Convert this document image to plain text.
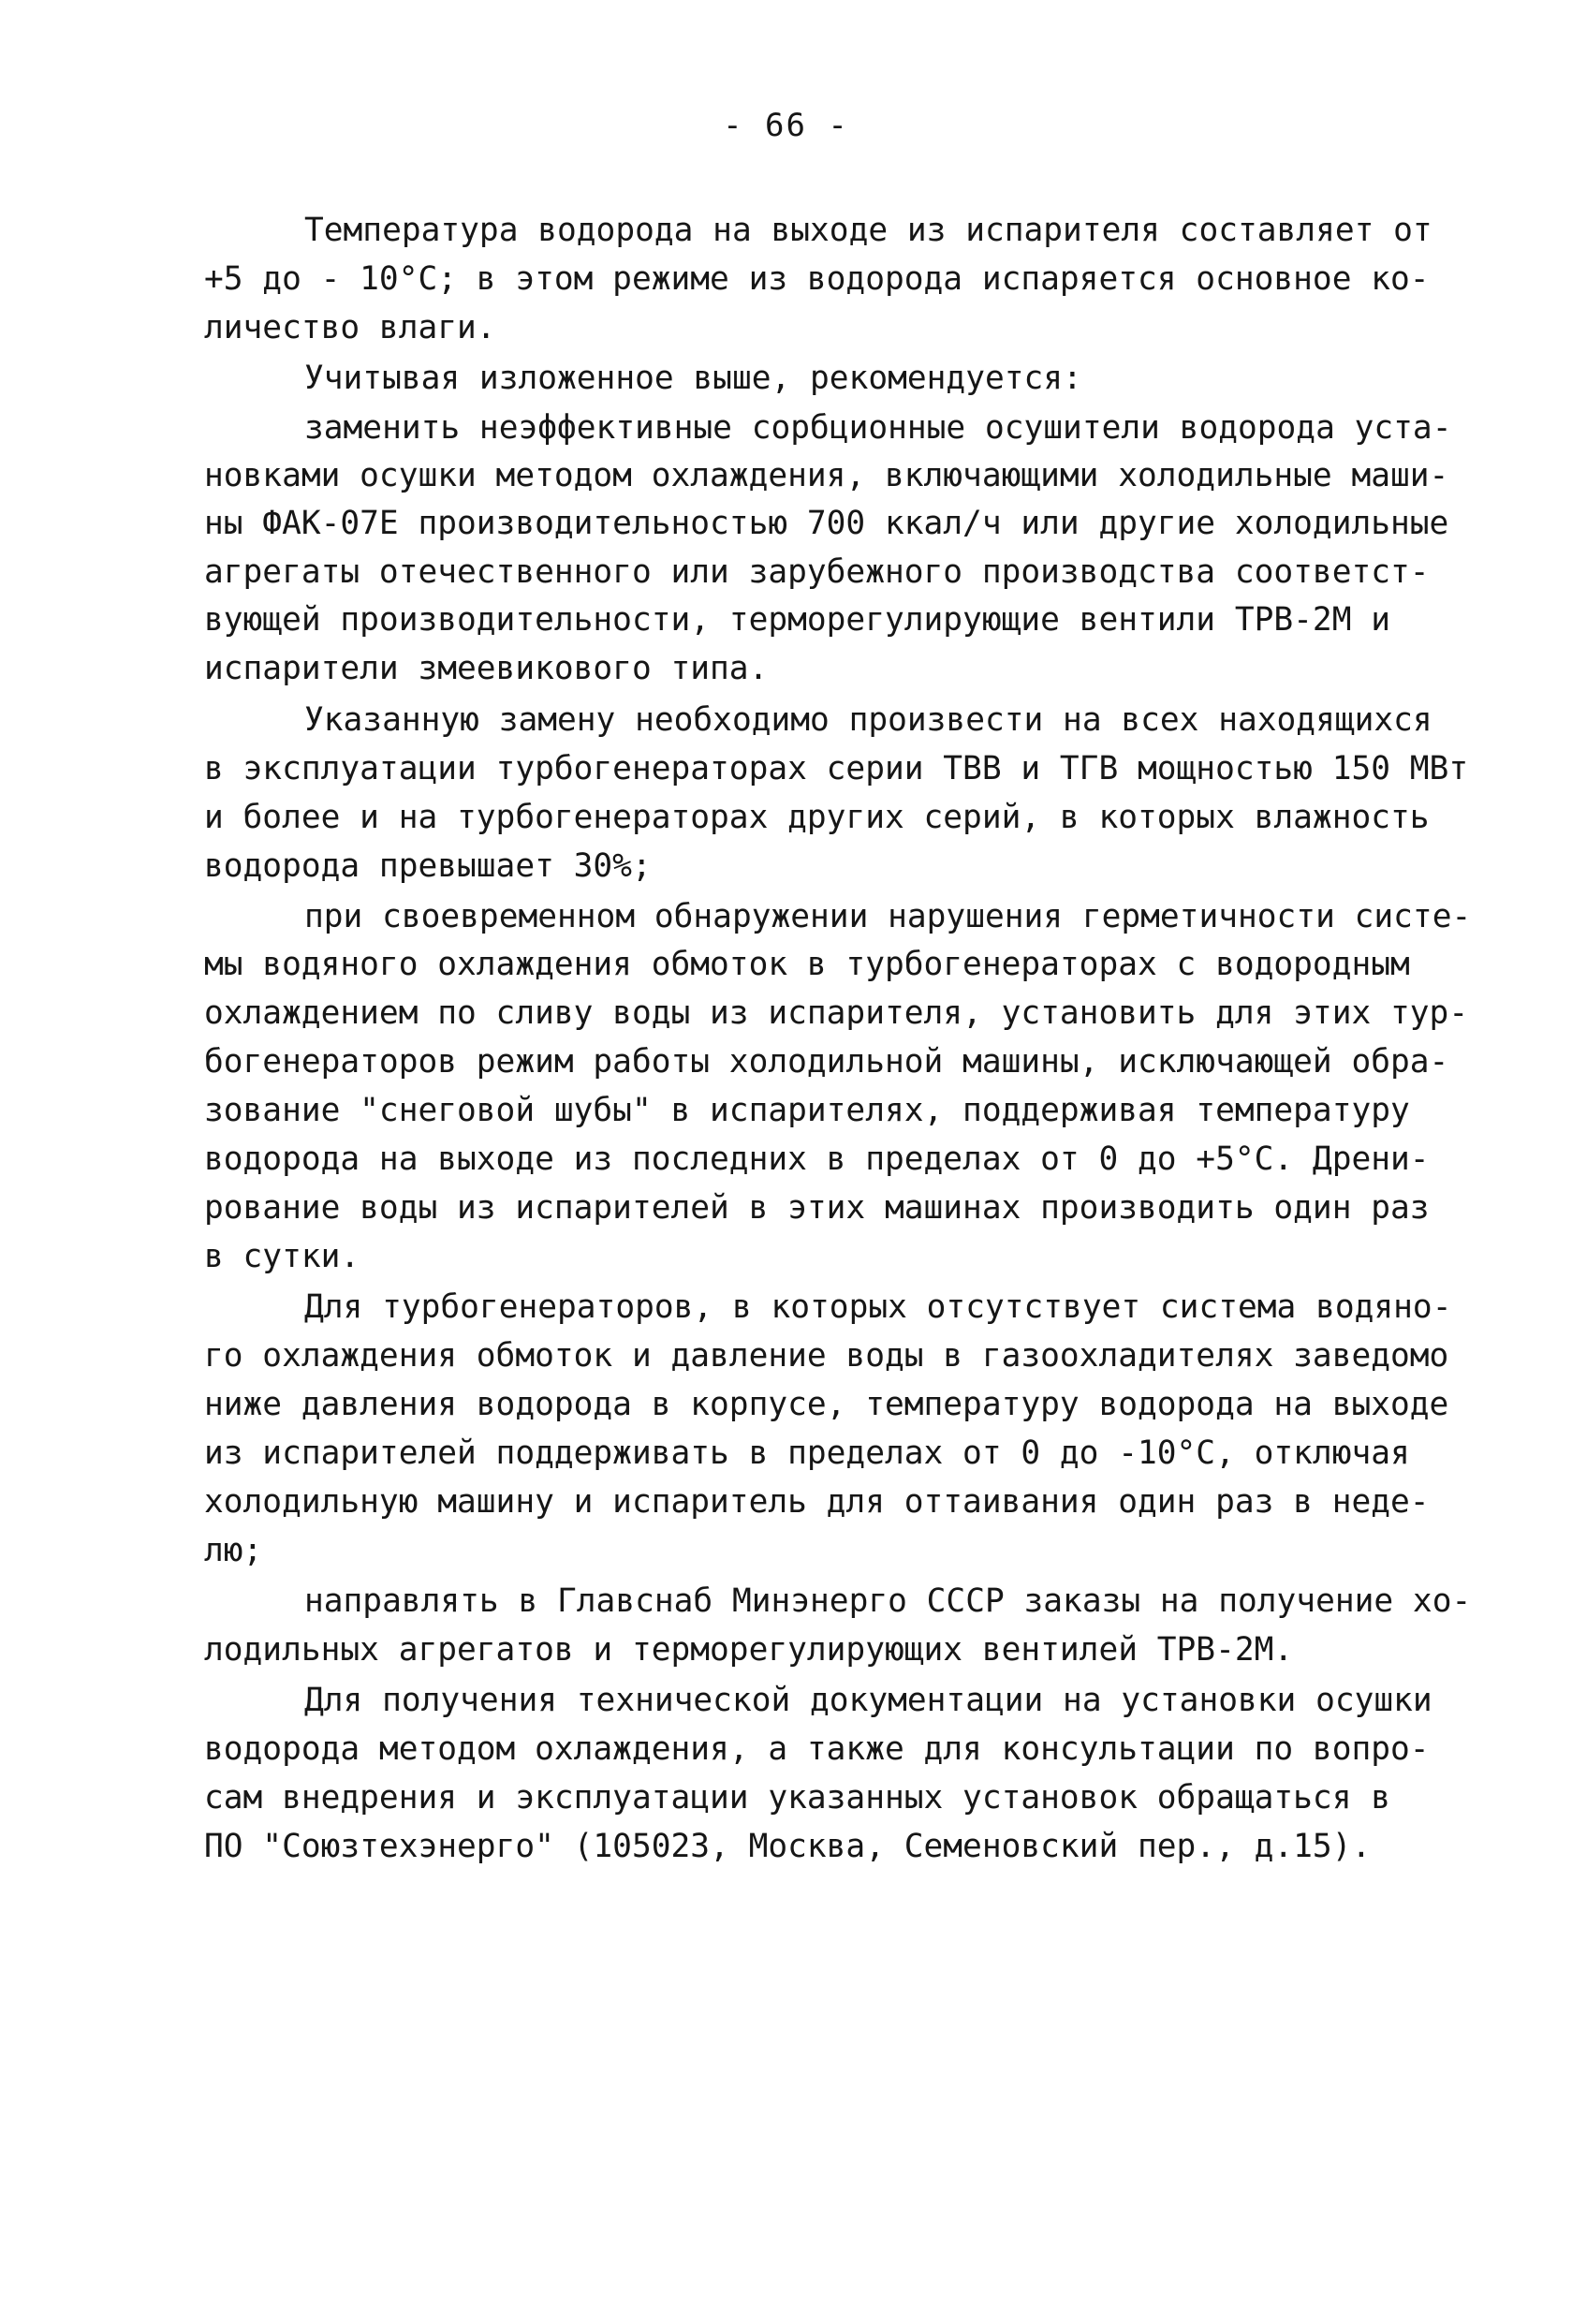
- 66 -
Температура водорода на выходе из испарителя составляет от
+5 до - 10°С; в этом режиме из водорода испаряется основное ко-
личество влаги.
Учитывая изложенное выше, рекомендуется:
заменить неэффективные сорбционные осушители водорода уста-
новками осушки методом охлаждения, включающими холодильные маши-
ны ФАК-07Е производительностью 700 ккал/ч или другие холодильные
агрегаты отечественного или зарубежного производства соответст-
вующей производительности, терморегулирующие вентили ТРВ-2М и
испарители змеевикового типа.
Указанную замену необходимо произвести на всех находящихся
в эксплуатации турбогенераторах серии ТВВ и ТГВ мощностью 150 МВт
и более и на турбогенераторах других серий, в которых влажность
водорода превышает 30%;
при своевременном обнаружении нарушения герметичности систе-
мы водяного охлаждения обмоток в турбогенераторах с водородным
охлаждением по сливу воды из испарителя, установить для этих тур-
богенераторов режим работы холодильной машины, исключающей обра-
зование "снеговой шубы" в испарителях, поддерживая температуру
водорода на выходе из последних в пределах от 0 до +5°С. Дрени-
рование воды из испарителей в этих машинах производить один раз
в сутки.
Для турбогенераторов, в которых отсутствует система водяно-
го охлаждения обмоток и давление воды в газоохладителях заведомо
ниже давления водорода в корпусе, температуру водорода на выходе
из испарителей поддерживать в пределах от 0 до -10°С, отключая
холодильную машину и испаритель для оттаивания один раз в неде-
лю;
направлять в Главснаб Минэнерго СССР заказы на получение хо-
лодильных агрегатов и терморегулирующих вентилей ТРВ-2М.
Для получения технической документации на установки осушки
водорода методом охлаждения, а также для консультации по вопро-
сам внедрения и эксплуатации указанных установок обращаться в
ПО "Союзтехэнерго" (105023, Москва, Семеновский пер., д.15).
